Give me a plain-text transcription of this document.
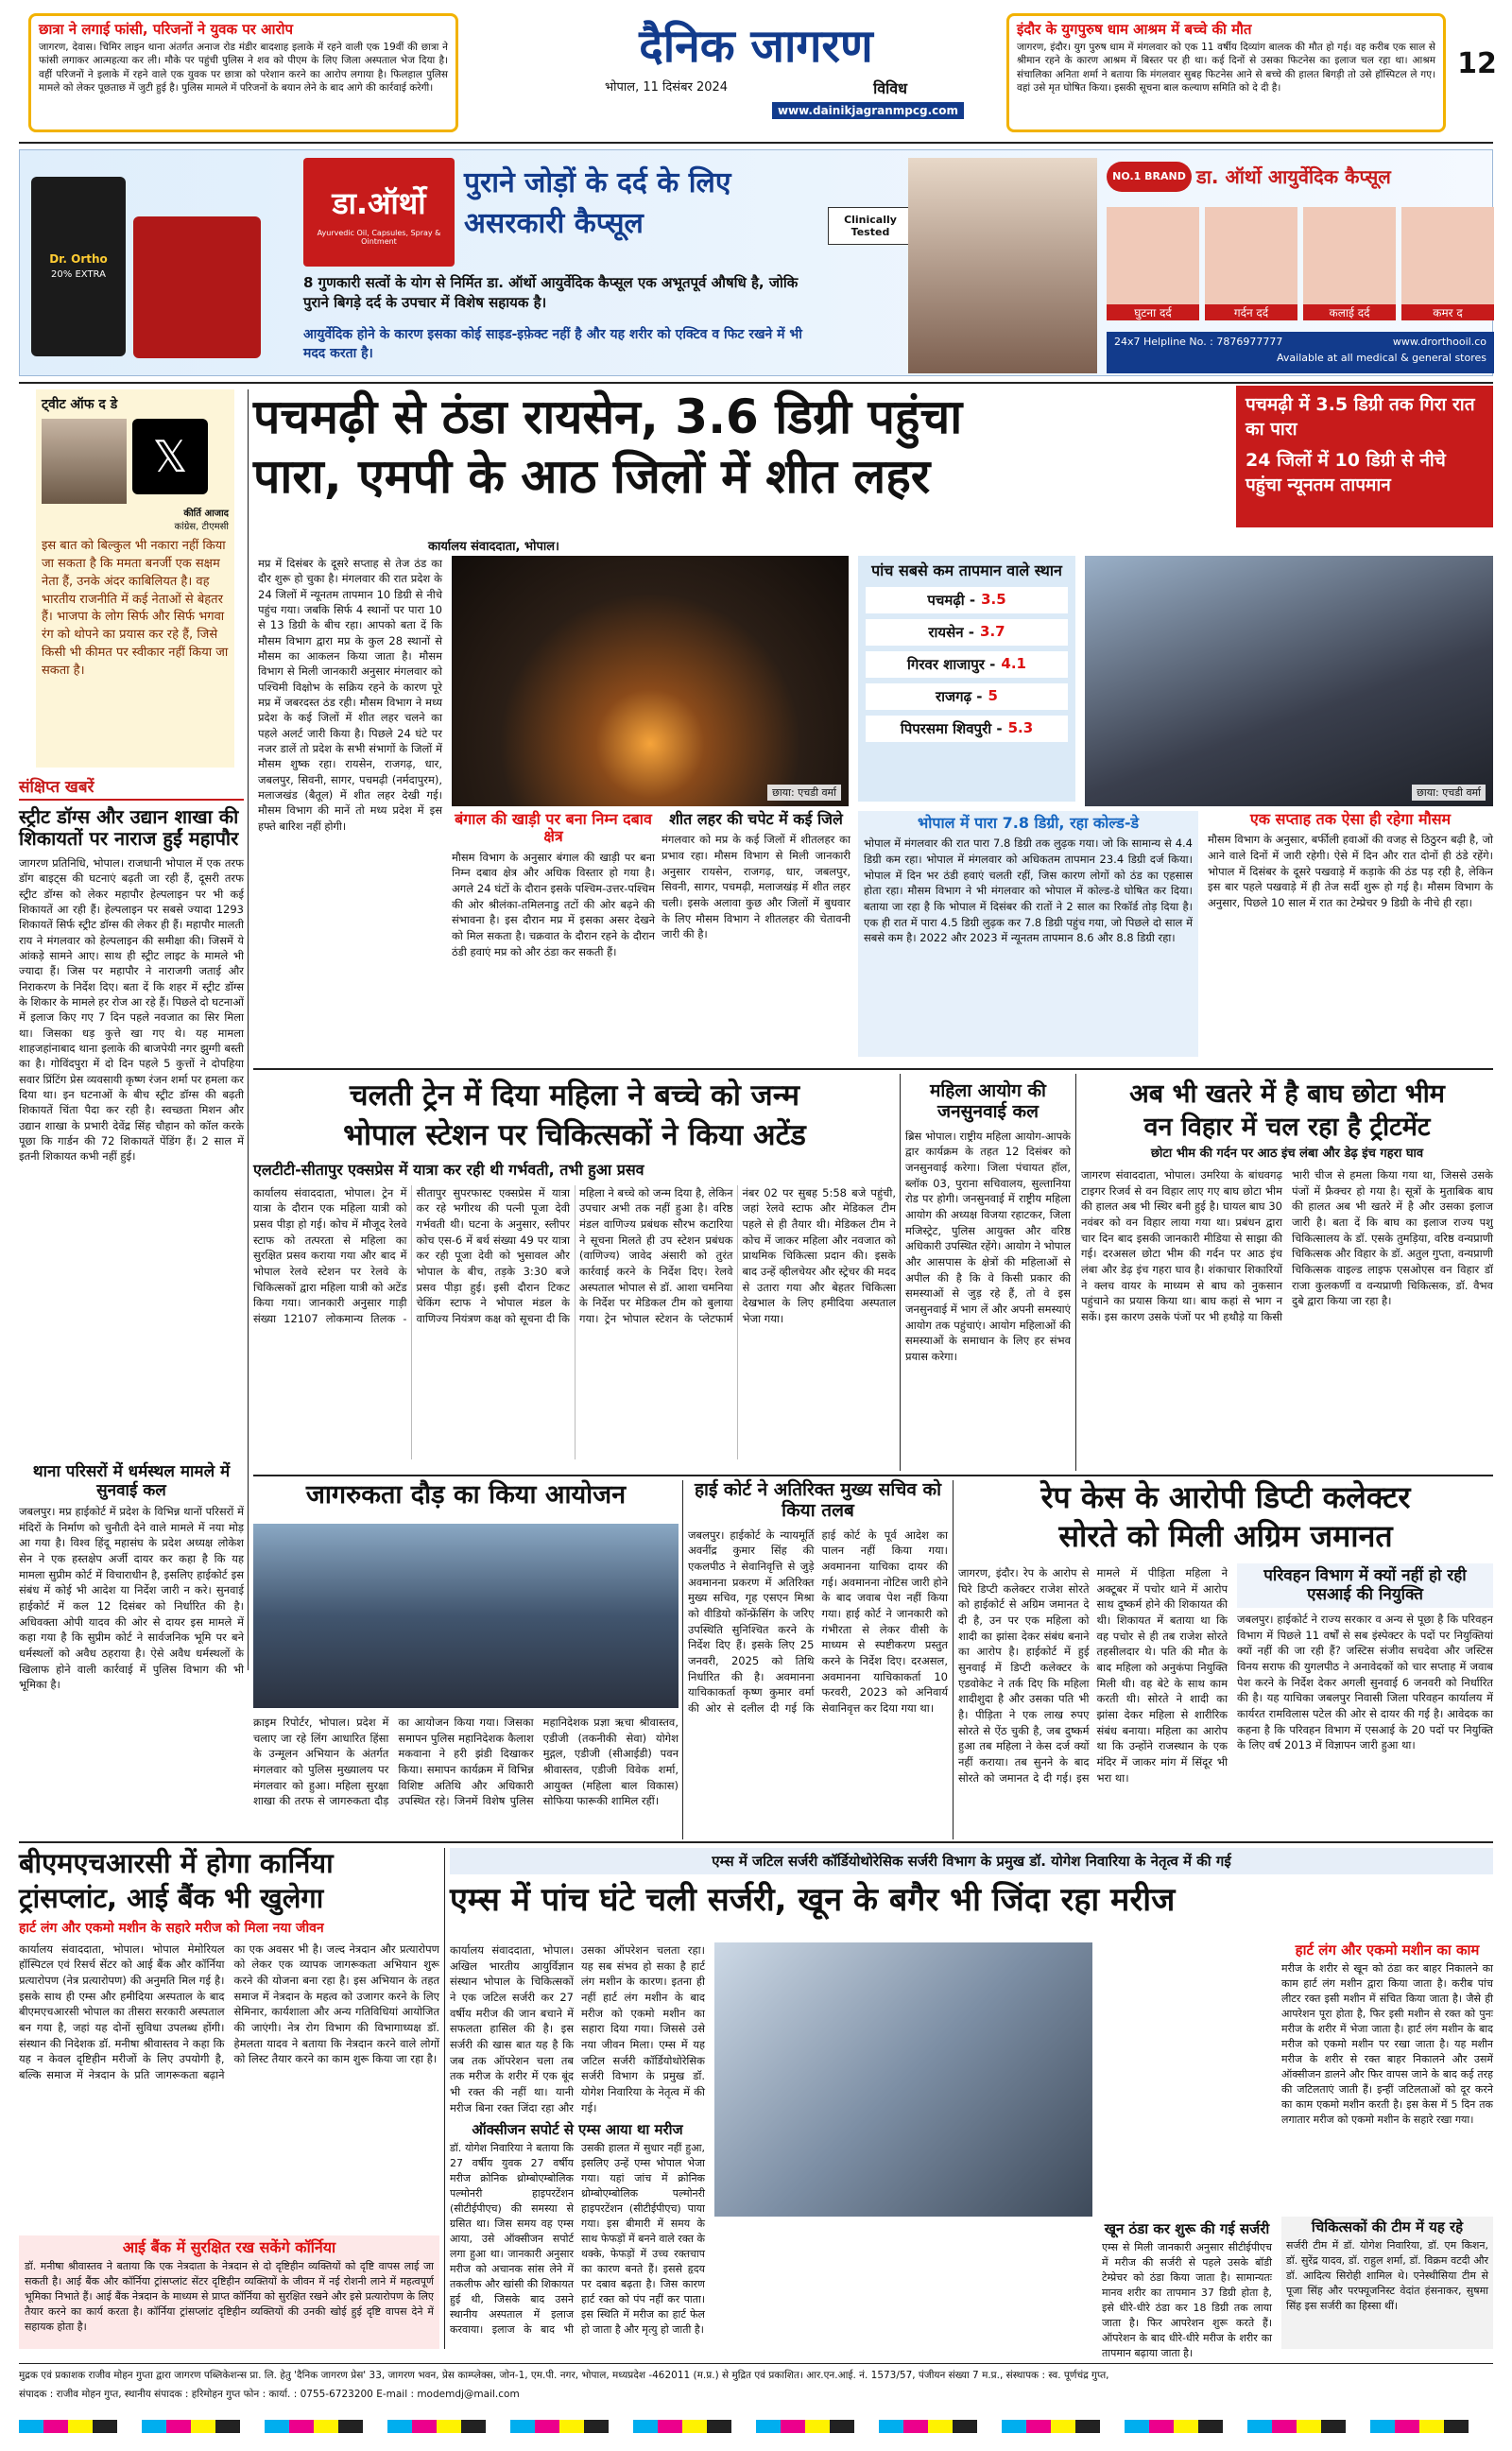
छात्रा ने लगाई फांसी, परिजनों ने युवक पर आरोप
जागरण, देवास। चिमिर लाइन थाना अंतर्गत अनाज रोड मंडीर बादशाह इलाके में रहने वाली एक 19वीं की छात्रा ने फांसी लगाकर आत्महत्या कर ली। मौके पर पहुंची पुलिस ने शव को पीएम के लिए जिला अस्पताल भेज दिया है। वहीं परिजनों ने इलाके में रहने वाले एक युवक पर छात्रा को परेशान करने का आरोप लगाया है। फिलहाल पुलिस मामले को लेकर पूछताछ में जुटी हुई है। पुलिस मामले में परिजनों के बयान लेने के बाद आगे की कार्रवाई करेगी।
दैनिक जागरण
भोपाल, 11 दिसंबर 2024	विविध
www.dainikjagranmpcg.com
इंदौर के युगपुरुष धाम आश्रम में बच्चे की मौत
जागरण, इंदौर। युग पुरुष धाम में मंगलवार को एक 11 वर्षीय दिव्यांग बालक की मौत हो गई। वह करीब एक साल से श्रीमान रहने के कारण आश्रम में बिस्तर पर ही था। कई दिनों से उसका फिटनेस का इलाज चल रहा था। आश्रम संचालिका अनिता शर्मा ने बताया कि मंगलवार सुबह फिटनेस आने से बच्चे की हालत बिगड़ी तो उसे हॉस्पिटल ले गए। वहां उसे मृत घोषित किया। इसकी सूचना बाल कल्याण समिति को दे दी है।
12
Dr. Ortho
20% EXTRA
डा.ऑर्थो
Ayurvedic Oil, Capsules, Spray & Ointment
पुराने जोड़ों के दर्द के लिए
असरकारी कैप्सूल
8 गुणकारी सत्वों के योग से निर्मित डा. ऑर्थो आयुर्वेदिक कैप्सूल एक अभूतपूर्व औषधि है, जोकि पुराने बिगड़े दर्द के उपचार में विशेष सहायक है।
आयुर्वेदिक होने के कारण इसका कोई साइड-इफ़ेक्ट नहीं है और यह शरीर को एक्टिव व फिट रखने में भी मदद करता है।
Clinically Tested
NO.1 BRAND डा. ऑर्थो आयुर्वेदिक कैप्सूल
घुटना दर्द	गर्दन दर्द	कलाई दर्द	कमर द
24x7 Helpline No. : 7876977777	www.drorthooil.co
Available at all medical & general stores
ट्वीट ऑफ द डे
𝕏
कीर्ति आजाद
कांग्रेस, टीएमसी
इस बात को बिल्कुल भी नकारा नहीं किया जा सकता है कि ममता बनर्जी एक सक्षम नेता हैं, उनके अंदर काबिलियत है। वह भारतीय राजनीति में कई नेताओं से बेहतर हैं। भाजपा के लोग सिर्फ और सिर्फ भगवा रंग को थोपने का प्रयास कर रहे हैं, जिसे किसी भी कीमत पर स्वीकार नहीं किया जा सकता है।
संक्षिप्त खबरें
स्ट्रीट डॉग्स और उद्यान शाखा की शिकायतों पर नाराज हुईं महापौर
जागरण प्रतिनिधि, भोपाल। राजधानी भोपाल में एक तरफ डॉग बाइट्स की घटनाएं बढ़ती जा रही हैं, दूसरी तरफ स्ट्रीट डॉग्स को लेकर महापौर हेल्पलाइन पर भी कई शिकायतें आ रही हैं। हेल्पलाइन पर सबसे ज्यादा 1293 शिकायतें सिर्फ स्ट्रीट डॉग्स की लेकर ही हैं। महापौर मालती राय ने मंगलवार को हेल्पलाइन की समीक्षा की। जिसमें ये आंकड़े सामने आए। साथ ही स्ट्रीट लाइट के मामले भी ज्यादा हैं। जिस पर महापौर ने नाराजगी जताई और निराकरण के निर्देश दिए। बता दें कि शहर में स्ट्रीट डॉग्स के शिकार के मामले हर रोज आ रहे हैं। पिछले दो घटनाओं में इलाज किए गए 7 दिन पहले नवजात का सिर मिला था। जिसका धड़ कुत्ते खा गए थे। यह मामला शाहजहांनाबाद थाना इलाके की बाजपेयी नगर झुग्गी बस्ती का है। गोविंदपुरा में दो दिन पहले 5 कुत्तों ने दोपहिया सवार प्रिंटिंग प्रेस व्यवसायी कृष्ण रंजन शर्मा पर हमला कर दिया था। इन घटनाओं के बीच स्ट्रीट डॉग्स की बढ़ती शिकायतें चिंता पैदा कर रही है। स्वच्छता मिशन और उद्यान शाखा के प्रभारी देवेंद्र सिंह चौहान को कॉल करके पूछा कि गार्डन की 72 शिकायतें पेंडिंग हैं। 2 साल में इतनी शिकायत कभी नहीं हुई।
पचमढ़ी से ठंडा रायसेन, 3.6 डिग्री पहुंचा
पारा, एमपी के आठ जिलों में शीत लहर
पचमढ़ी में 3.5 डिग्री तक गिरा रात का पारा
24 जिलों में 10 डिग्री से नीचे पहुंचा न्यूनतम तापमान
कार्यालय संवाददाता, भोपाल।
मप्र में दिसंबर के दूसरे सप्ताह से तेज ठंड का दौर शुरू हो चुका है। मंगलवार की रात प्रदेश के 24 जिलों में न्यूनतम तापमान 10 डिग्री से नीचे पहुंच गया। जबकि सिर्फ 4 स्थानों पर पारा 10 से 13 डिग्री के बीच रहा। आपको बता दें कि मौसम विभाग द्वारा मप्र के कुल 28 स्थानों से मौसम का आकलन किया जाता है। मौसम विभाग से मिली जानकारी अनुसार मंगलवार को पश्चिमी विक्षोभ के सक्रिय रहने के कारण पूरे मप्र में जबरदस्त ठंड रही। मौसम विभाग ने मध्य प्रदेश के कई जिलों में शीत लहर चलने का पहले अलर्ट जारी किया है। पिछले 24 घंटे पर नजर डालें तो प्रदेश के सभी संभागों के जिलों में मौसम शुष्क रहा। रायसेन, राजगढ़, धार, जबलपुर, सिवनी, सागर, पचमढ़ी (नर्मदापुरम), मलाजखंड (बैतूल) में शीत लहर देखी गई। मौसम विभाग की मानें तो मध्य प्रदेश में इस हफ्ते बारिश नहीं होगी।
छाया: एचडी वर्मा
पांच सबसे कम तापमान वाले स्थान
पचमढ़ी - 3.5
रायसेन - 3.7
गिरवर शाजापुर - 4.1
राजगढ़ - 5
पिपरसमा शिवपुरी - 5.3
छाया: एचडी वर्मा
बंगाल की खाड़ी पर बना निम्न दबाव क्षेत्र
मौसम विभाग के अनुसार बंगाल की खाड़ी पर बना निम्न दबाव क्षेत्र और अधिक विस्तार हो गया है। अगले 24 घंटों के दौरान इसके पश्चिम-उत्तर-पश्चिम की ओर श्रीलंका-तमिलनाडु तटों की ओर बढ़ने की संभावना है। इस दौरान मप्र में इसका असर देखने को मिल सकता है। चक्रवात के दौरान रहने के दौरान ठंडी हवाएं मप्र को और ठंडा कर सकती हैं।
शीत लहर की चपेट में कई जिले
मंगलवार को मप्र के कई जिलों में शीतलहर का प्रभाव रहा। मौसम विभाग से मिली जानकारी अनुसार रायसेन, राजगढ़, धार, जबलपुर, सिवनी, सागर, पचमढ़ी, मलाजखंड़ में शीत लहर चली। इसके अलावा कुछ और जिलों में बुधवार के लिए मौसम विभाग ने शीतलहर की चेतावनी जारी की है।
भोपाल में पारा 7.8 डिग्री, रहा कोल्ड-डे
भोपाल में मंगलवार की रात पारा 7.8 डिग्री तक लुढ़क गया। जो कि सामान्य से 4.4 डिग्री कम रहा। भोपाल में मंगलवार को अधिकतम तापमान 23.4 डिग्री दर्ज किया। भोपाल में दिन भर ठंडी हवाएं चलती रहीं, जिस कारण लोगों को ठंड का एहसास होता रहा। मौसम विभाग ने भी मंगलवार को भोपाल में कोल्ड-डे घोषित कर दिया। बताया जा रहा है कि भोपाल में दिसंबर की रातों ने 2 साल का रिकॉर्ड तोड़ दिया है। एक ही रात में पारा 4.5 डिग्री लुढ़क कर 7.8 डिग्री पहुंच गया, जो पिछले दो साल में सबसे कम है। 2022 और 2023 में न्यूनतम तापमान 8.6 और 8.8 डिग्री रहा।
एक सप्ताह तक ऐसा ही रहेगा मौसम
मौसम विभाग के अनुसार, बर्फीली हवाओं की वजह से ठिठुरन बढ़ी है, जो आने वाले दिनों में जारी रहेगी। ऐसे में दिन और रात दोनों ही ठंडे रहेंगे। भोपाल में दिसंबर के दूसरे पखवाड़े में कड़ाके की ठंड पड़ रही है, लेकिन इस बार पहले पखवाड़े में ही तेज सर्दी शुरू हो गई है। मौसम विभाग के अनुसार, पिछले 10 साल में रात का टेम्प्रेचर 9 डिग्री के नीचे ही रहा।
चलती ट्रेन में दिया महिला ने बच्चे को जन्म
भोपाल स्टेशन पर चिकित्सकों ने किया अटेंड
एलटीटी-सीतापुर एक्सप्रेस में यात्रा कर रही थी गर्भवती, तभी हुआ प्रसव
कार्यालय संवाददाता, भोपाल। ट्रेन में यात्रा के दौरान एक महिला यात्री को प्रसव पीड़ा हो गई। कोच में मौजूद रेलवे स्टाफ को तत्परता से महिला का सुरक्षित प्रसव कराया गया और बाद में भोपाल रेलवे स्टेशन पर रेलवे के चिकित्सकों द्वारा महिला यात्री को अटेंड किया गया। जानकारी अनुसार गाड़ी संख्या 12107 लोकमान्य तिलक - सीतापुर सुपरफास्ट एक्सप्रेस में यात्रा कर रहे भगीरथ की पत्नी पूजा देवी गर्भवती थी। घटना के अनुसार, स्लीपर कोच एस-6 में बर्थ संख्या 49 पर यात्रा कर रही पूजा देवी को भुसावल और भोपाल के बीच, तड़के 3:30 बजे प्रसव पीड़ा हुई। इसी दौरान टिकट चेकिंग स्टाफ ने भोपाल मंडल के वाणिज्य नियंत्रण कक्ष को सूचना दी कि महिला ने बच्चे को जन्म दिया है, लेकिन उपचार अभी तक नहीं हुआ है। वरिष्ठ मंडल वाणिज्य प्रबंधक सौरभ कटारिया ने सूचना मिलते ही उप स्टेशन प्रबंधक (वाणिज्य) जावेद अंसारी को तुरंत कार्रवाई करने के निर्देश दिए। रेलवे अस्पताल भोपाल से डॉ. आशा चमनिया के निर्देश पर मेडिकल टीम को बुलाया गया। ट्रेन भोपाल स्टेशन के प्लेटफार्म नंबर 02 पर सुबह 5:58 बजे पहुंची, जहां रेलवे स्टाफ और मेडिकल टीम पहले से ही तैयार थी। मेडिकल टीम ने कोच में जाकर महिला और नवजात को प्राथमिक चिकित्सा प्रदान की। इसके बाद उन्हें व्हीलचेयर और स्ट्रेचर की मदद से उतारा गया और बेहतर चिकित्सा देखभाल के लिए हमीदिया अस्पताल भेजा गया।
महिला आयोग की जनसुनवाई कल
ब्रिस भोपाल। राष्ट्रीय महिला आयोग-आपके द्वार कार्यक्रम के तहत 12 दिसंबर को जनसुनवाई करेगा। जिला पंचायत हॉल, ब्लॉक 03, पुराना सचिवालय, सुल्तानिया रोड पर होगी। जनसुनवाई में राष्ट्रीय महिला आयोग की अध्यक्ष विजया रहाटकर, जिला मजिस्ट्रेट, पुलिस आयुक्त और वरिष्ठ अधिकारी उपस्थित रहेंगे। आयोग ने भोपाल और आसपास के क्षेत्रों की महिलाओं से अपील की है कि वे किसी प्रकार की समस्याओं से जुड़ रहे हैं, तो वे इस जनसुनवाई में भाग लें और अपनी समस्याएं आयोग तक पहुंचाएं। आयोग महिलाओं की समस्याओं के समाधान के लिए हर संभव प्रयास करेगा।
अब भी खतरे में है बाघ छोटा भीम
वन विहार में चल रहा है ट्रीटमेंट
छोटा भीम की गर्दन पर आठ इंच लंबा और डेढ़ इंच गहरा घाव
जागरण संवाददाता, भोपाल। उमरिया के बांधवगढ़ टाइगर रिजर्व से वन विहार लाए गए बाघ छोटा भीम की हालत अब भी स्थिर बनी हुई है। घायल बाघ 30 नवंबर को वन विहार लाया गया था। प्रबंधन द्वारा चार दिन बाद इसकी जानकारी मीडिया से साझा की गई। दरअसल छोटा भीम की गर्दन पर आठ इंच लंबा और डेढ़ इंच गहरा घाव है। शंकाचार शिकारियों ने क्लच वायर के माध्यम से बाघ को नुकसान पहुंचाने का प्रयास किया था। बाघ कहां से भाग न सकें। इस कारण उसके पंजों पर भी हथौड़े या किसी भारी चीज से हमला किया गया था, जिससे उसके पंजों में फ्रैक्चर हो गया है। सूत्रों के मुताबिक बाघ की हालत अब भी खतरे में है और उसका इलाज जारी है। बता दें कि बाघ का इलाज राज्य पशु चिकित्सालय के डॉ. एसके तुमड़िया, वरिष्ठ वन्यप्राणी चिकित्सक और विहार के डॉ. अतुल गुप्ता, वन्यप्राणी चिकित्सक वाइल्ड लाइफ एसओएस वन विहार डॉ राजा कुलकर्णी व वन्यप्राणी चिकित्सक, डॉ. वैभव दुबे द्वारा किया जा रहा है।
थाना परिसरों में धर्मस्थल मामले में सुनवाई कल
जबलपुर। मप्र हाईकोर्ट में प्रदेश के विभिन्न थानों परिसरों में मंदिरों के निर्माण को चुनौती देने वाले मामले में नया मोड़ आ गया है। विश्व हिंदू महासंघ के प्रदेश अध्यक्ष लोकेश सेन ने एक हस्तक्षेप अर्जी दायर कर कहा है कि यह मामला सुप्रीम कोर्ट में विचाराधीन है, इसलिए हाईकोर्ट इस संबंध में कोई भी आदेश या निर्देश जारी न करे। सुनवाई हाईकोर्ट में कल 12 दिसंबर को निर्धारित की है। अधिवक्ता ओपी यादव की ओर से दायर इस मामले में कहा गया है कि सुप्रीम कोर्ट ने सार्वजनिक भूमि पर बने धर्मस्थलों को अवैध ठहराया है। ऐसे अवैध धर्मस्थलों के खिलाफ होने वाली कार्रवाई में पुलिस विभाग की भी भूमिका है।
जागरुकता दौड़ का किया आयोजन
क्राइम रिपोर्टर, भोपाल। प्रदेश में चलाए जा रहे लिंग आधारित हिंसा के उन्मूलन अभियान के अंतर्गत मंगलवार को पुलिस मुख्यालय पर मंगलवार को हुआ। महिला सुरक्षा शाखा की तरफ से जागरुकता दौड़ का आयोजन किया गया। जिसका समापन पुलिस महानिदेशक कैलाश मकवाना ने हरी झंडी दिखाकर किया। समापन कार्यक्रम में विभिन्न विशिष्ट अतिथि और अधिकारी उपस्थित रहे। जिनमें विशेष पुलिस महानिदेशक प्रज्ञा ऋचा श्रीवास्तव, एडीजी (तकनीकी सेवा) योगेश मुद्गल, एडीजी (सीआईडी) पवन श्रीवास्तव, एडीजी विवेक शर्मा, आयुक्त (महिला बाल विकास) सोफिया फारूकी शामिल रहीं।
हाई कोर्ट ने अतिरिक्त मुख्य सचिव को किया तलब
जबलपुर। हाईकोर्ट के न्यायमूर्ति अवनींद्र कुमार सिंह की एकलपीठ ने सेवानिवृत्ति से जुड़े अवमानना प्रकरण में अतिरिक्त मुख्य सचिव, गृह एसएन मिश्रा को वीडियो कॉन्फ्रेंसिंग के जरिए उपस्थिति सुनिश्चित करने के निर्देश दिए हैं। इसके लिए 25 जनवरी, 2025 को तिथि निर्धारित की है। अवमानना याचिकाकर्ता कृष्ण कुमार वर्मा की ओर से दलील दी गई कि हाई कोर्ट के पूर्व आदेश का पालन नहीं किया गया। अवमानना याचिका दायर की गई। अवमानना नोटिस जारी होने के बाद जवाब पेश नहीं किया गया। हाई कोर्ट ने जानकारी को गंभीरता से लेकर वीसी के माध्यम से स्पष्टीकरण प्रस्तुत करने के निर्देश दिए। दरअसल, अवमानना याचिकाकर्ता 10 फरवरी, 2023 को अनिवार्य सेवानिवृत्त कर दिया गया था।
रेप केस के आरोपी डिप्टी कलेक्टर
सोरते को मिली अग्रिम जमानत
जागरण, इंदौर। रेप के आरोप से घिरे डिप्टी कलेक्टर राजेश सोरते को हाईकोर्ट से अग्रिम जमानत दे दी है, उन पर एक महिला को शादी का झांसा देकर संबंध बनाने का आरोप है। हाईकोर्ट में हुई सुनवाई में डिप्टी कलेक्टर के एडवोकेट ने तर्क दिए कि महिला शादीशुदा है और उसका पति भी है। पीड़िता ने एक लाख रुपए सोरते से ऐंठ चुकी है, जब दुष्कर्म हुआ तब महिला ने केस दर्ज क्यों नहीं कराया। तब सुनने के बाद सोरते को जमानत दे दी गई। इस मामले में पीड़िता महिला ने अक्टूबर में पचोर थाने में आरोप साथ दुष्कर्म होने की शिकायत की थी। शिकायत में बताया था कि वह पचोर से ही तब राजेश सोरते तहसीलदार थे। पति की मौत के बाद महिला को अनुकंपा नियुक्ति मिली थी। वह बेटे के साथ काम करती थी। सोरते ने शादी का झांसा देकर महिला से शारीरिक संबंध बनाया। महिला का आरोप था कि उन्होंने राजस्थान के एक मंदिर में जाकर मांग में सिंदूर भी भरा था।
परिवहन विभाग में क्यों नहीं हो रही एसआई की नियुक्ति
जबलपुर। हाईकोर्ट ने राज्य सरकार व अन्य से पूछा है कि परिवहन विभाग में पिछले 11 वर्षों से सब इंस्पेक्टर के पदों पर नियुक्तियां क्यों नहीं की जा रही हैं? जस्टिस संजीव सचदेवा और जस्टिस विनय सराफ की युगलपीठ ने अनावेदकों को चार सप्ताह में जवाब पेश करने के निर्देश देकर अगली सुनवाई 6 जनवरी को निर्धारित की है। यह याचिका जबलपुर निवासी जिला परिवहन कार्यालय में कार्यरत रामविलास पटेल की ओर से दायर की गई है। आवेदक का कहना है कि परिवहन विभाग में एसआई के 20 पदों पर नियुक्ति के लिए वर्ष 2013 में विज्ञापन जारी हुआ था।
बीएमएचआरसी में होगा कार्निया
ट्रांसप्लांट, आई बैंक भी खुलेगा
हार्ट लंग और एकमो मशीन के सहारे मरीज को मिला नया जीवन
कार्यालय संवाददाता, भोपाल। भोपाल मेमोरियल हॉस्पिटल एवं रिसर्च सेंटर को आई बैंक और कॉर्निया प्रत्यारोपण (नेत्र प्रत्यारोपण) की अनुमति मिल गई है। इसके साथ ही एम्स और हमीदिया अस्पताल के बाद बीएमएचआरसी भोपाल का तीसरा सरकारी अस्पताल बन गया है, जहां यह दोनों सुविधा उपलब्ध होंगी। संस्थान की निदेशक डॉ. मनीषा श्रीवास्तव ने कहा कि यह न केवल दृष्टिहीन मरीजों के लिए उपयोगी है, बल्कि समाज में नेत्रदान के प्रति जागरूकता बढ़ाने का एक अवसर भी है। जल्द नेत्रदान और प्रत्यारोपण को लेकर एक व्यापक जागरूकता अभियान शुरू करने की योजना बना रहा है। इस अभियान के तहत समाज में नेत्रदान के महत्व को उजागर करने के लिए सेमिनार, कार्यशाला और अन्य गतिविधियां आयोजित की जाएंगी। नेत्र रोग विभाग की विभागाध्यक्ष डॉ. हेमलता यादव ने बताया कि नेत्रदान करने वाले लोगों को लिस्ट तैयार करने का काम शुरू किया जा रहा है।
आई बैंक में सुरक्षित रख सकेंगे कॉर्निया
डॉ. मनीषा श्रीवास्तव ने बताया कि एक नेत्रदाता के नेत्रदान से दो दृष्टिहीन व्यक्तियों को दृष्टि वापस लाई जा सकती है। आई बैंक और कॉर्निया ट्रांसप्लांट सेंटर दृष्टिहीन व्यक्तियों के जीवन में नई रोशनी लाने में महत्वपूर्ण भूमिका निभाते हैं। आई बैंक नेत्रदान के माध्यम से प्राप्त कॉर्निया को सुरक्षित रखने और इसे प्रत्यारोपण के लिए तैयार करने का कार्य करता है। कॉर्निया ट्रांसप्लांट दृष्टिहीन व्यक्तियों की उनकी खोई हुई दृष्टि वापस देने में सहायक होता है।
एम्स में जटिल सर्जरी कॉर्डियोथोरेसिक सर्जरी विभाग के प्रमुख डॉ. योगेश निवारिया के नेतृत्व में की गई
एम्स में पांच घंटे चली सर्जरी, खून के बगैर भी जिंदा रहा मरीज
कार्यालय संवाददाता, भोपाल। अखिल भारतीय आयुर्विज्ञान संस्थान भोपाल के चिकित्सकों ने एक जटिल सर्जरी कर 27 वर्षीय मरीज की जान बचाने में सफलता हासिल की है। इस सर्जरी की खास बात यह है कि जब तक ऑपरेशन चला तब तक मरीज के शरीर में एक बूंद भी रक्त की नहीं था। यानी मरीज बिना रक्त जिंदा रहा और उसका ऑपरेशन चलता रहा। यह सब संभव हो सका है हार्ट लंग मशीन के कारण। इतना ही नहीं हार्ट लंग मशीन के बाद मरीज को एकमो मशीन का सहारा दिया गया। जिससे उसे नया जीवन मिला। एम्स में यह जटिल सर्जरी कॉर्डियोथोरेसिक सर्जरी विभाग के प्रमुख डॉ. योगेश निवारिया के नेतृत्व में की गई।
ऑक्सीजन सपोर्ट से एम्स आया था मरीज
डॉ. योगेश निवारिया ने बताया कि 27 वर्षीय युवक 27 वर्षीय मरीज क्रोनिक थ्रोम्बोएम्बोलिक पल्मोनरी हाइपरटेंशन (सीटीईपीएच) की समस्या से ग्रसित था। जिस समय वह एम्स आया, उसे ऑक्सीजन सपोर्ट लगा हुआ था। जानकारी अनुसार मरीज को अचानक सांस लेने में तकलीफ और खांसी की शिकायत हुई थी, जिसके बाद उसने स्थानीय अस्पताल में इलाज करवाया। इलाज के बाद भी उसकी हालत में सुधार नहीं हुआ, इसलिए उन्हें एम्स भोपाल भेजा गया। यहां जांच में क्रोनिक थ्रोम्बोएम्बोलिक पल्मोनरी हाइपरटेंशन (सीटीईपीएच) पाया गया। इस बीमारी में समय के साथ फेफड़ों में बनने वाले रक्त के थक्के, फेफड़ों में उच्च रक्तचाप का कारण बनते हैं। इससे हृदय पर दबाव बढ़ता है। जिस कारण हार्ट रक्त को पंप नहीं कर पाता। इस स्थिति में मरीज का हार्ट फेल हो जाता है और मृत्यु हो जाती है।
खून ठंडा कर शुरू की गई सर्जरी
एम्स से मिली जानकारी अनुसार सीटीईपीएच में मरीज की सर्जरी से पहले उसके बॉडी टेम्प्रेचर को ठंडा किया जाता है। सामान्यतः मानव शरीर का तापमान 37 डिग्री होता है, इसे धीरे-धीरे ठंडा कर 18 डिग्री तक लाया जाता है। फिर आपरेशन शुरू करते हैं। ऑपरेशन के बाद धीरे-धीरे मरीज के शरीर का तापमान बढ़ाया जाता है।
हार्ट लंग और एकमो मशीन का काम
मरीज के शरीर से खून को ठंडा कर बाहर निकालने का काम हार्ट लंग मशीन द्वारा किया जाता है। करीब पांच लीटर रक्त इसी मशीन में संचित किया जाता है। जैसे ही आपरेशन पूरा होता है, फिर इसी मशीन से रक्त को पुनः मरीज के शरीर में भेजा जाता है। हार्ट लंग मशीन के बाद मरीज को एकमो मशीन पर रखा जाता है। यह मशीन मरीज के शरीर से रक्त बाहर निकालने और उसमें ऑक्सीजन डालने और फिर वापस जाने के बाद कई तरह की जटिलताएं जाती हैं। इन्हीं जटिलताओं को दूर करने का काम एकमो मशीन करती है। इस केस में 5 दिन तक लगातार मरीज को एकमो मशीन के सहारे रखा गया।
चिकित्सकों की टीम में यह रहे
सर्जरी टीम में डॉ. योगेश निवारिया, डॉ. एम किशन, डॉ. सुरेंद्र यादव, डॉ. राहुल शर्मा, डॉ. विक्रम वटदी और डॉ. आदित्य सिरोही शामिल थे। एनेस्थीसिया टीम से पूजा सिंह और परफ्यूजनिस्ट वेदांत हंसनाकर, सुषमा सिंह इस सर्जरी का हिस्सा थीं।
मुद्रक एवं प्रकाशक राजीव मोहन गुप्ता द्वारा जागरण पब्लिकेशन्स प्रा. लि. हेतु 'दैनिक जागरण प्रेस' 33, जागरण भवन, प्रेस काम्प्लेक्स, जोन-1, एम.पी. नगर, भोपाल, मध्यप्रदेश -462011 (म.प्र.) से मुद्रित एवं प्रकाशित। आर.एन.आई. नं. 1573/57, पंजीयन संख्या 7 म.प्र., संस्थापक : स्व. पूर्णचंद्र गुप्त,
संपादक : राजीव मोहन गुप्त, स्थानीय संपादक : हरिमोहन गुप्त फोन : कार्या. : 0755-6723200 E-mail : modemdj@mail.com
